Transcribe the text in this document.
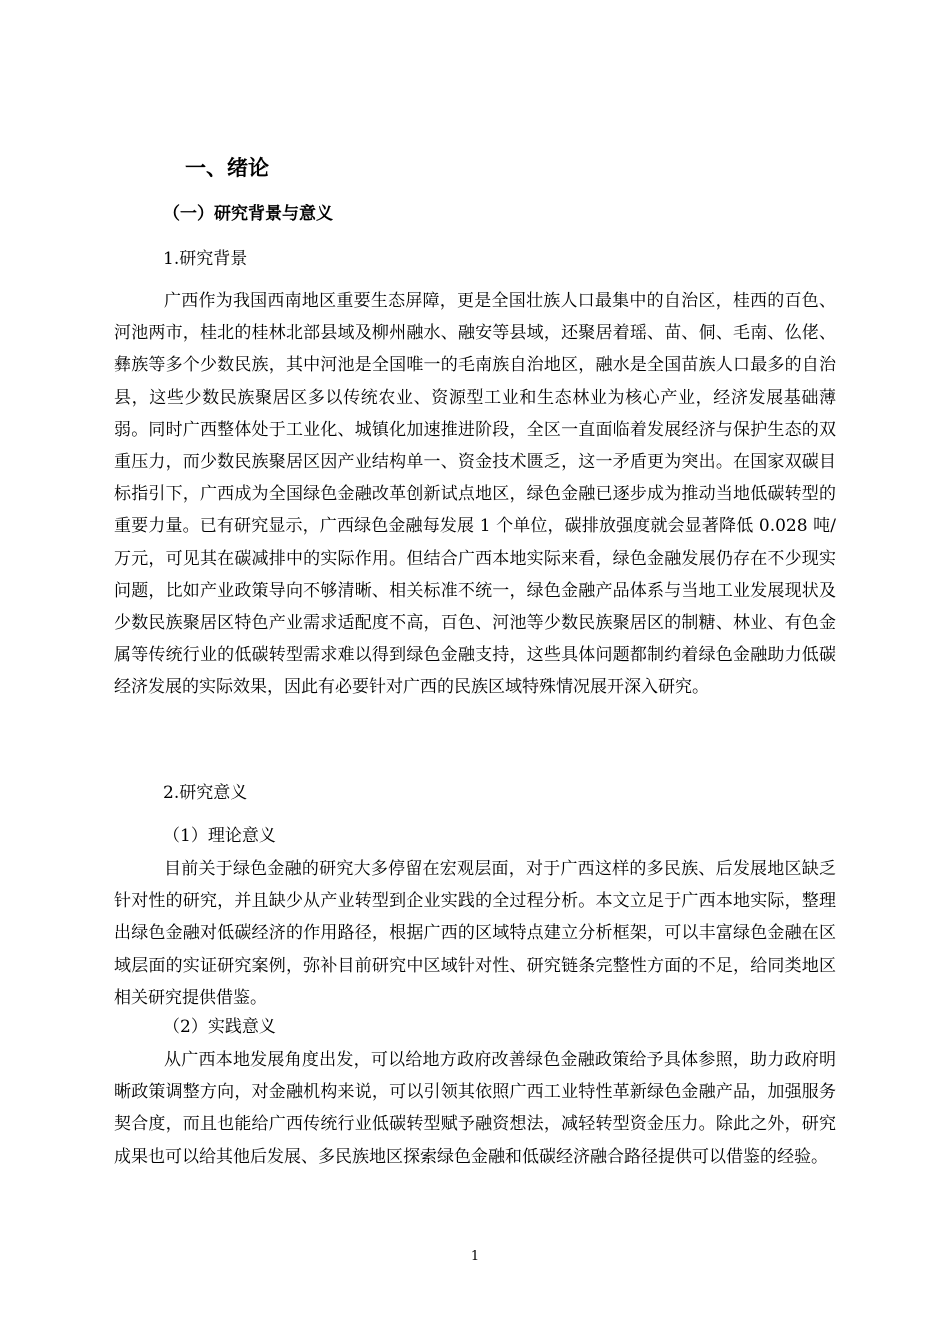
一、绪论
（一）研究背景与意义
1.研究背景

广西作为我国西南地区重要生态屏障，更是全国壮族人口最集中的自治区，桂西的百色、河池两市，桂北的桂林北部县域及柳州融水、融安等县域，还聚居着瑶、苗、侗、毛南、仫佬、彝族等多个少数民族，其中河池是全国唯一的毛南族自治地区，融水是全国苗族人口最多的自治县，这些少数民族聚居区多以传统农业、资源型工业和生态林业为核心产业，经济发展基础薄弱。同时广西整体处于工业化、城镇化加速推进阶段，全区一直面临着发展经济与保护生态的双重压力，而少数民族聚居区因产业结构单一、资金技术匮乏，这一矛盾更为突出。在国家双碳目标指引下，广西成为全国绿色金融改革创新试点地区，绿色金融已逐步成为推动当地低碳转型的重要力量。已有研究显示，广西绿色金融每发展 1 个单位，碳排放强度就会显著降低 0.028 吨/万元，可见其在碳减排中的实际作用。但结合广西本地实际来看，绿色金融发展仍存在不少现实问题，比如产业政策导向不够清晰、相关标准不统一，绿色金融产品体系与当地工业发展现状及少数民族聚居区特色产业需求适配度不高，百色、河池等少数民族聚居区的制糖、林业、有色金属等传统行业的低碳转型需求难以得到绿色金融支持，这些具体问题都制约着绿色金融助力低碳经济发展的实际效果，因此有必要针对广西的民族区域特殊情况展开深入研究。

2.研究意义
（1）理论意义

目前关于绿色金融的研究大多停留在宏观层面，对于广西这样的多民族、后发展地区缺乏针对性的研究，并且缺少从产业转型到企业实践的全过程分析。本文立足于广西本地实际，整理出绿色金融对低碳经济的作用路径，根据广西的区域特点建立分析框架，可以丰富绿色金融在区域层面的实证研究案例，弥补目前研究中区域针对性、研究链条完整性方面的不足，给同类地区相关研究提供借鉴。

（2）实践意义

从广西本地发展角度出发，可以给地方政府改善绿色金融政策给予具体参照，助力政府明晰政策调整方向，对金融机构来说，可以引领其依照广西工业特性革新绿色金融产品，加强服务契合度，而且也能给广西传统行业低碳转型赋予融资想法，减轻转型资金压力。除此之外，研究成果也可以给其他后发展、多民族地区探索绿色金融和低碳经济融合路径提供可以借鉴的经验。

1
